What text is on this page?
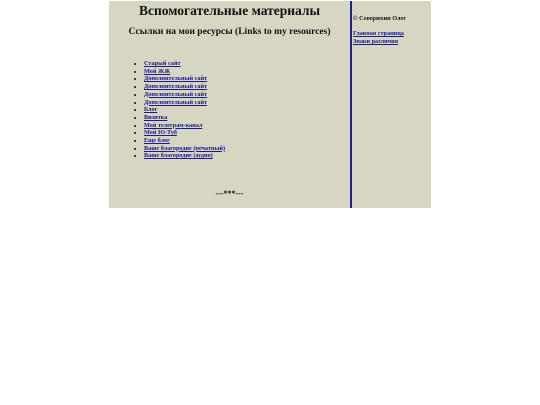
Вспомогательные материалы
Ссылки на мои ресурсы (Links to my resources)
• Старый сайт
• Мой ЖЖ
• Дополнительный сайт
• Дополнительный сайт
• Дополнительный сайт
• Дополнительный сайт
• Блог
• Визитка
• Мой телеграм-канал
• Мой Ю-Туб
• Еще блог
• Ваше благородие (печатный)
• Ваше благородие (аудио)
---***---
© Северюхин Олег
Главная страница
Знаки различия
